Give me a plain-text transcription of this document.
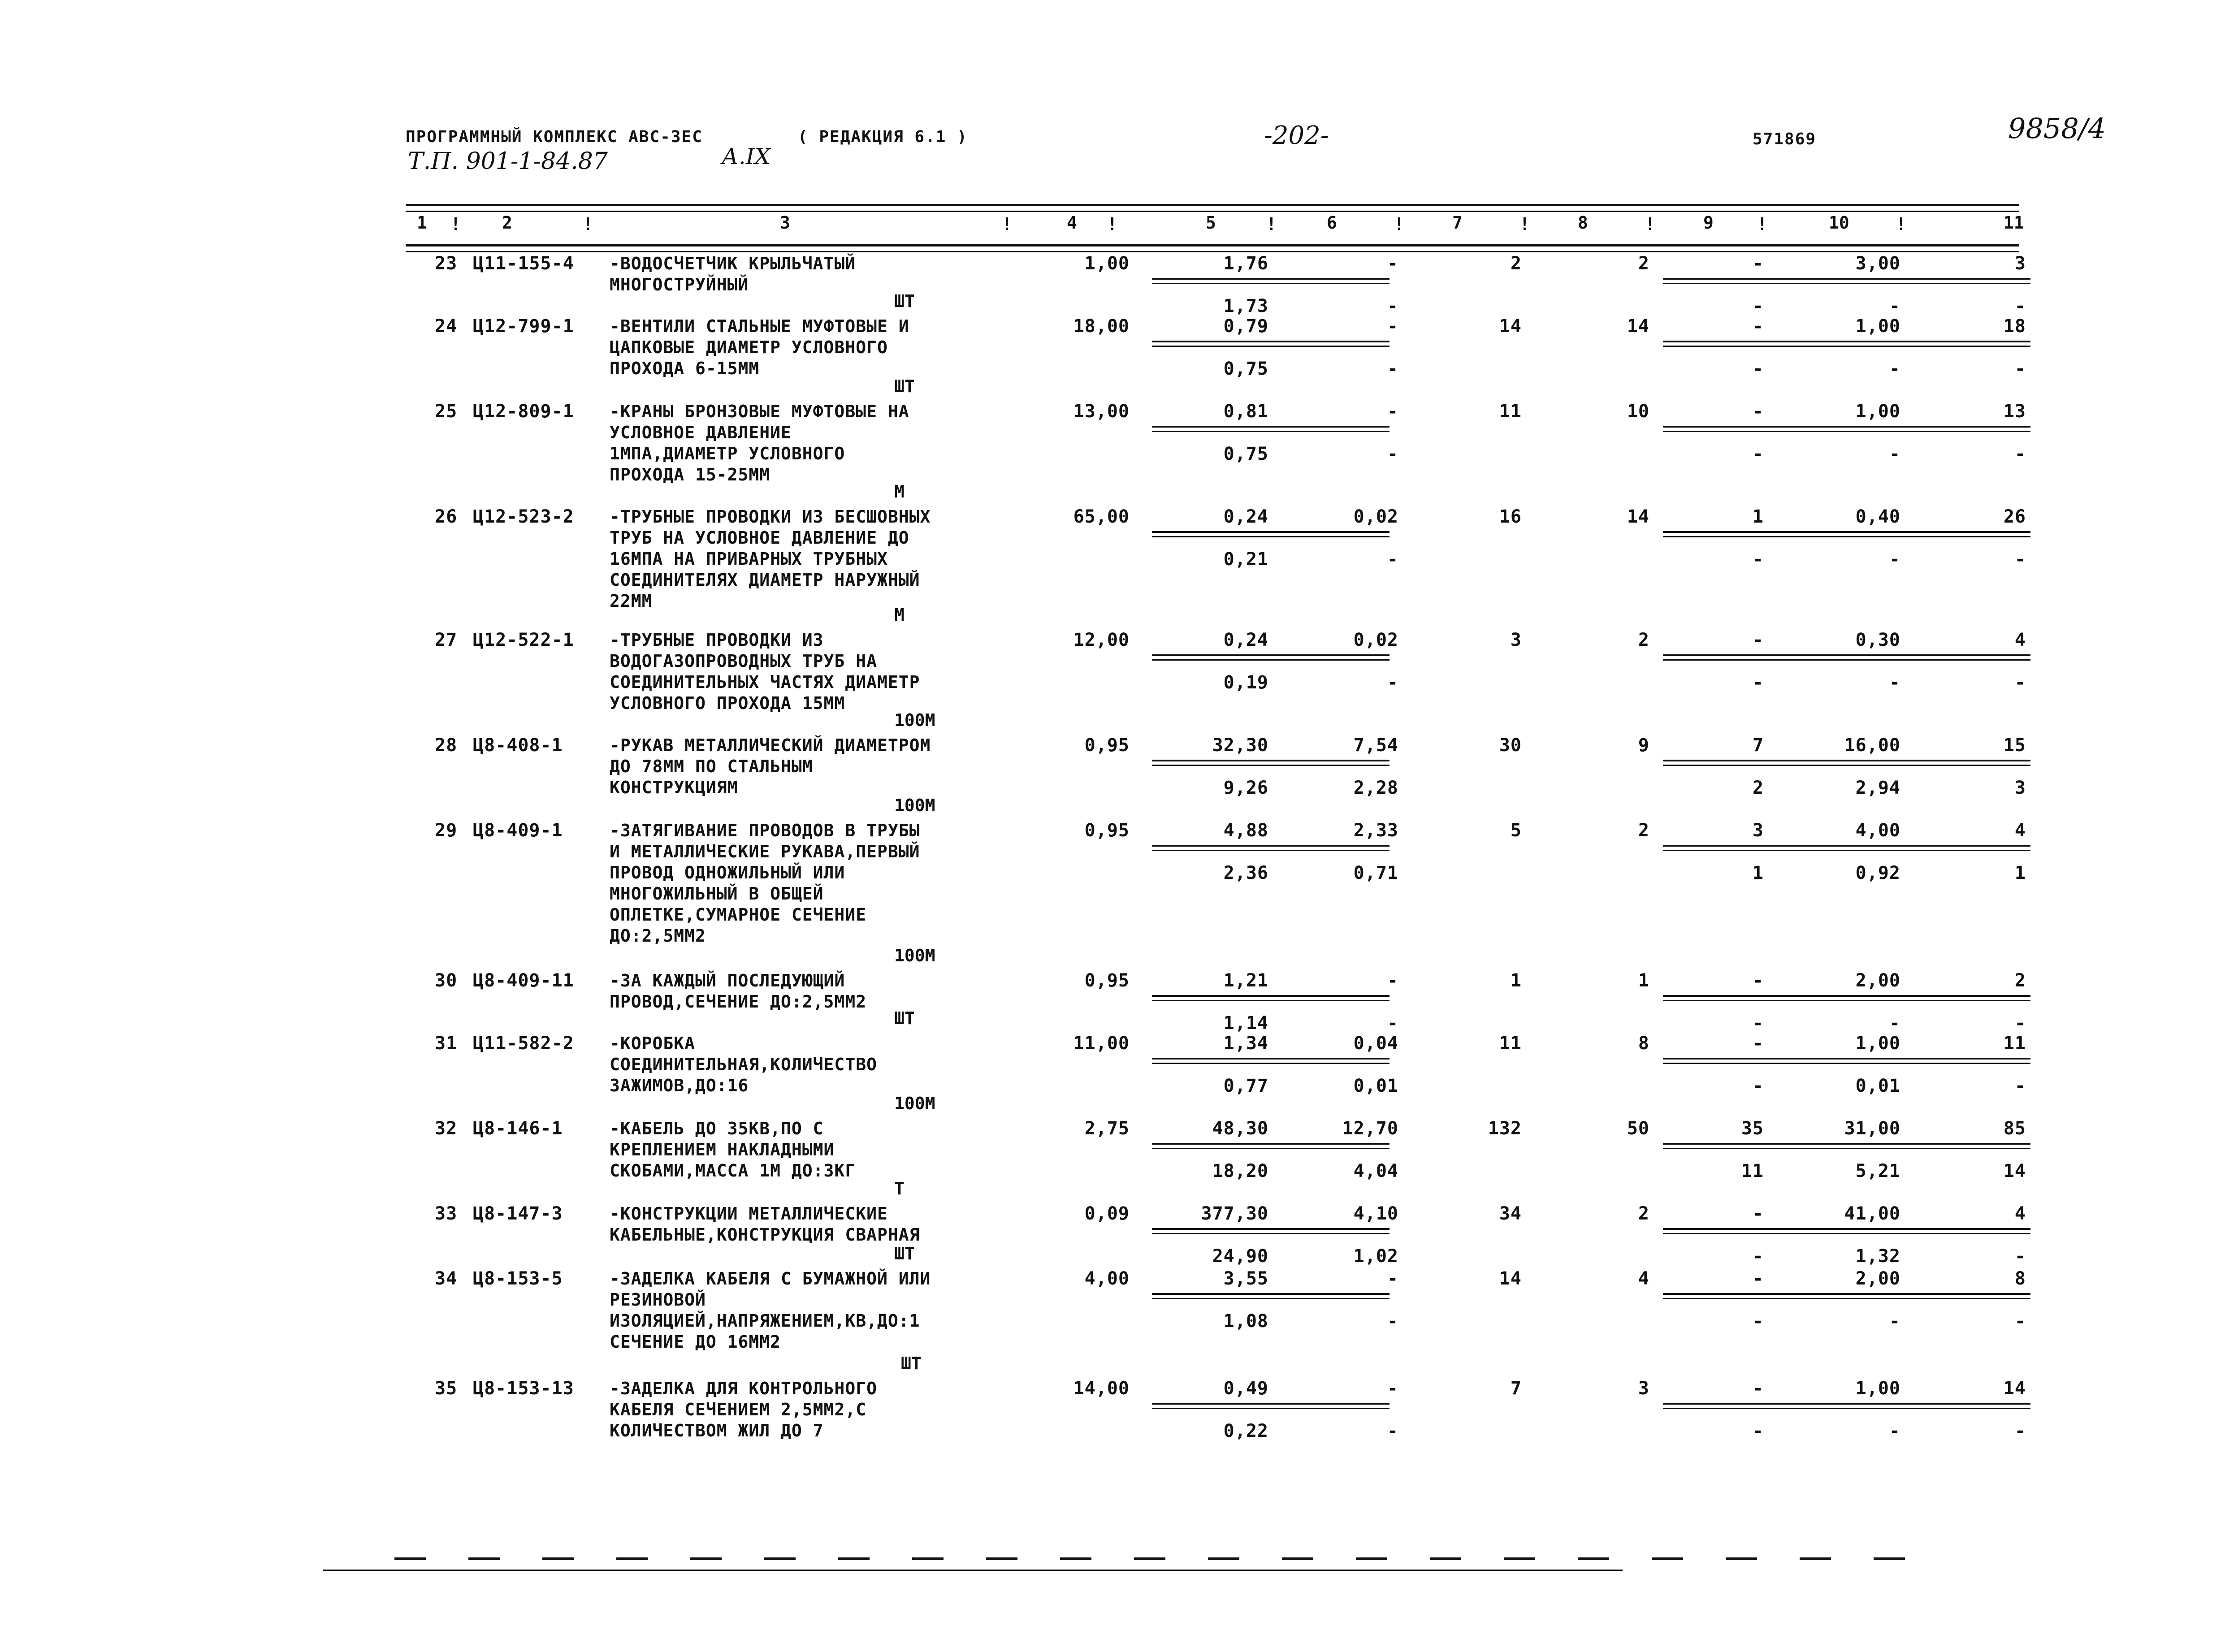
ПРОГРАММНЫЙ КОМПЛЕКС АВС-ЗЕС	( РЕДАКЦИЯ 6.1 )	-202-	571869	9858/4
Т.П. 901-1-84.87	А.IX
1	2	3	4	5	6	7	8	9	10	11
!	!	!	!	!	!	!	!	!	!
23 Ц11-155-4 -ВОДОСЧЕТЧИК КРЫЛЬЧАТЫЙ
МНОГОСТРУЙНЫЙ
1,00	1,76	-	2	2	-	3,00	3
1,73	-	-	-	-
24 Ц12-799-1 -ВЕНТИЛИ СТАЛЬНЫЕ МУФТОВЫЕ И
ЦАПКОВЫЕ ДИАМЕТР УСЛОВНОГО
ПРОХОДА 6-15ММ
ШТ
18,00	0,79	-	14	14	-	1,00	18
0,75	-	-	-	-
25 Ц12-809-1 -КРАНЫ БРОНЗОВЫЕ МУФТОВЫЕ НА
УСЛОВНОЕ ДАВЛЕНИЕ
1МПА,ДИАМЕТР УСЛОВНОГО
ПРОХОДА 15-25ММ
ШТ
13,00	0,81	-	11	10	-	1,00	13
0,75	-	-	-	-
26 Ц12-523-2 -ТРУБНЫЕ ПРОВОДКИ ИЗ БЕСШОВНЫХ
ТРУБ НА УСЛОВНОЕ ДАВЛЕНИЕ ДО
16МПА НА ПРИВАРНЫХ ТРУБНЫХ
СОЕДИНИТЕЛЯХ ДИАМЕТР НАРУЖНЫЙ
22ММ
М
65,00	0,24	0,02	16	14	1	0,40	26
0,21	-	-	-	-
27 Ц12-522-1 -ТРУБНЫЕ ПРОВОДКИ ИЗ
ВОДОГАЗОПРОВОДНЫХ ТРУБ НА
СОЕДИНИТЕЛЬНЫХ ЧАСТЯХ ДИАМЕТР
УСЛОВНОГО ПРОХОДА 15ММ
М
12,00	0,24	0,02	3	2	-	0,30	4
0,19	-	-	-	-
28 Ц8-408-1	-РУКАВ МЕТАЛЛИЧЕСКИЙ ДИАМЕТРОМ
ДО 78ММ ПО СТАЛЬНЫМ
КОНСТРУКЦИЯМ
100М
0,95	32,30	7,54	30	9	7	16,00	15
9,26	2,28	2	2,94	3
29 Ц8-409-1	-ЗАТЯГИВАНИЕ ПРОВОДОВ В ТРУБЫ
И МЕТАЛЛИЧЕСКИЕ РУКАВА,ПЕРВЫЙ
ПРОВОД ОДНОЖИЛЬНЫЙ ИЛИ
МНОГОЖИЛЬНЫЙ В ОБЩЕЙ
ОПЛЕТКЕ,СУМАРНОЕ СЕЧЕНИЕ
ДО:2,5ММ2
100М
0,95	4,88	2,33	5	2	3	4,00	4
2,36	0,71	1	0,92	1
30 Ц8-409-11 -ЗА КАЖДЫЙ ПОСЛЕДУЮЩИЙ
ПРОВОД,СЕЧЕНИЕ ДО:2,5ММ2
100М
0,95	1,21	-	1	1	-	2,00	2
1,14	-	-	-	-
31 Ц11-582-2 -КОРОБКА
СОЕДИНИТЕЛЬНАЯ,КОЛИЧЕСТВО
ЗАЖИМОВ,ДО:16
ШТ
11,00	1,34	0,04	11	8	-	1,00	11
0,77	0,01	-	0,01	-
32 Ц8-146-1	-КАБЕЛЬ ДО 35КВ,ПО С
КРЕПЛЕНИЕМ НАКЛАДНЫМИ
СКОБАМИ,МАССА 1М ДО:3КГ
100М
2,75	48,30	12,70	132	50	35	31,00	85
18,20	4,04	11	5,21	14
33 Ц8-147-3	-КОНСТРУКЦИИ МЕТАЛЛИЧЕСКИЕ
КАБЕЛЬНЫЕ,КОНСТРУКЦИЯ СВАРНАЯ
Т
0,09	377,30	4,10	34	2	-	41,00	4
24,90	1,02	-	1,32	-
34 Ц8-153-5	-ЗАДЕЛКА КАБЕЛЯ С БУМАЖНОЙ ИЛИ
РЕЗИНОВОЙ
ИЗОЛЯЦИЕЙ,НАПРЯЖЕНИЕМ,КВ,ДО:1
СЕЧЕНИЕ ДО 16ММ2
ШТ
4,00	3,55	-	14	4	-	2,00	8
1,08	-	-	-	-
35 Ц8-153-13 -ЗАДЕЛКА ДЛЯ КОНТРОЛЬНОГО
КАБЕЛЯ СЕЧЕНИЕМ 2,5ММ2,С
КОЛИЧЕСТВОМ ЖИЛ ДО 7
14,00	0,49	-	7	3	-	1,00	14
0,22	-	-	-	-
ШТ
